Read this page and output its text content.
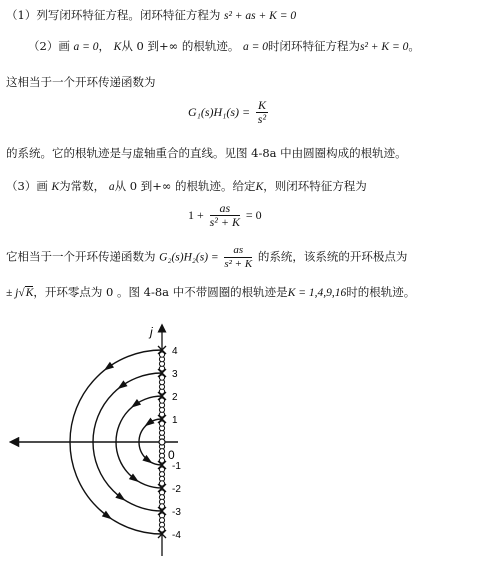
（1）列写闭环特征方程。闭环特征方程为 s² + as + K = 0
（2）画 a = 0， K从 0 到+∞ 的根轨迹。 a = 0时闭环特征方程为s² + K = 0。
这相当于一个开环传递函数为
$G_1(s)H_1(s) = \frac{K}{\text{s²}}$
的系统。它的根轨迹是与虚轴重合的直线。见图 4-8a 中由圆圈构成的根轨迹。
（3）画 K为常数， a从 0 到+∞ 的根轨迹。给定K，则闭环特征方程为
$1 + \frac{as}{\text{s² + K}} = 0$
它相当于一个开环传递函数为 $G_2(s)H_2(s) = \frac{as}{\text{s² + K}}$ 的系统，该系统的开环极点为
± j√K，开环零点为 0 。图 4-8a 中不带圆圈的根轨迹是K = 1,4,9,16时的根轨迹。
j
0
1
2
3
4
-1
-2
-3
-4
